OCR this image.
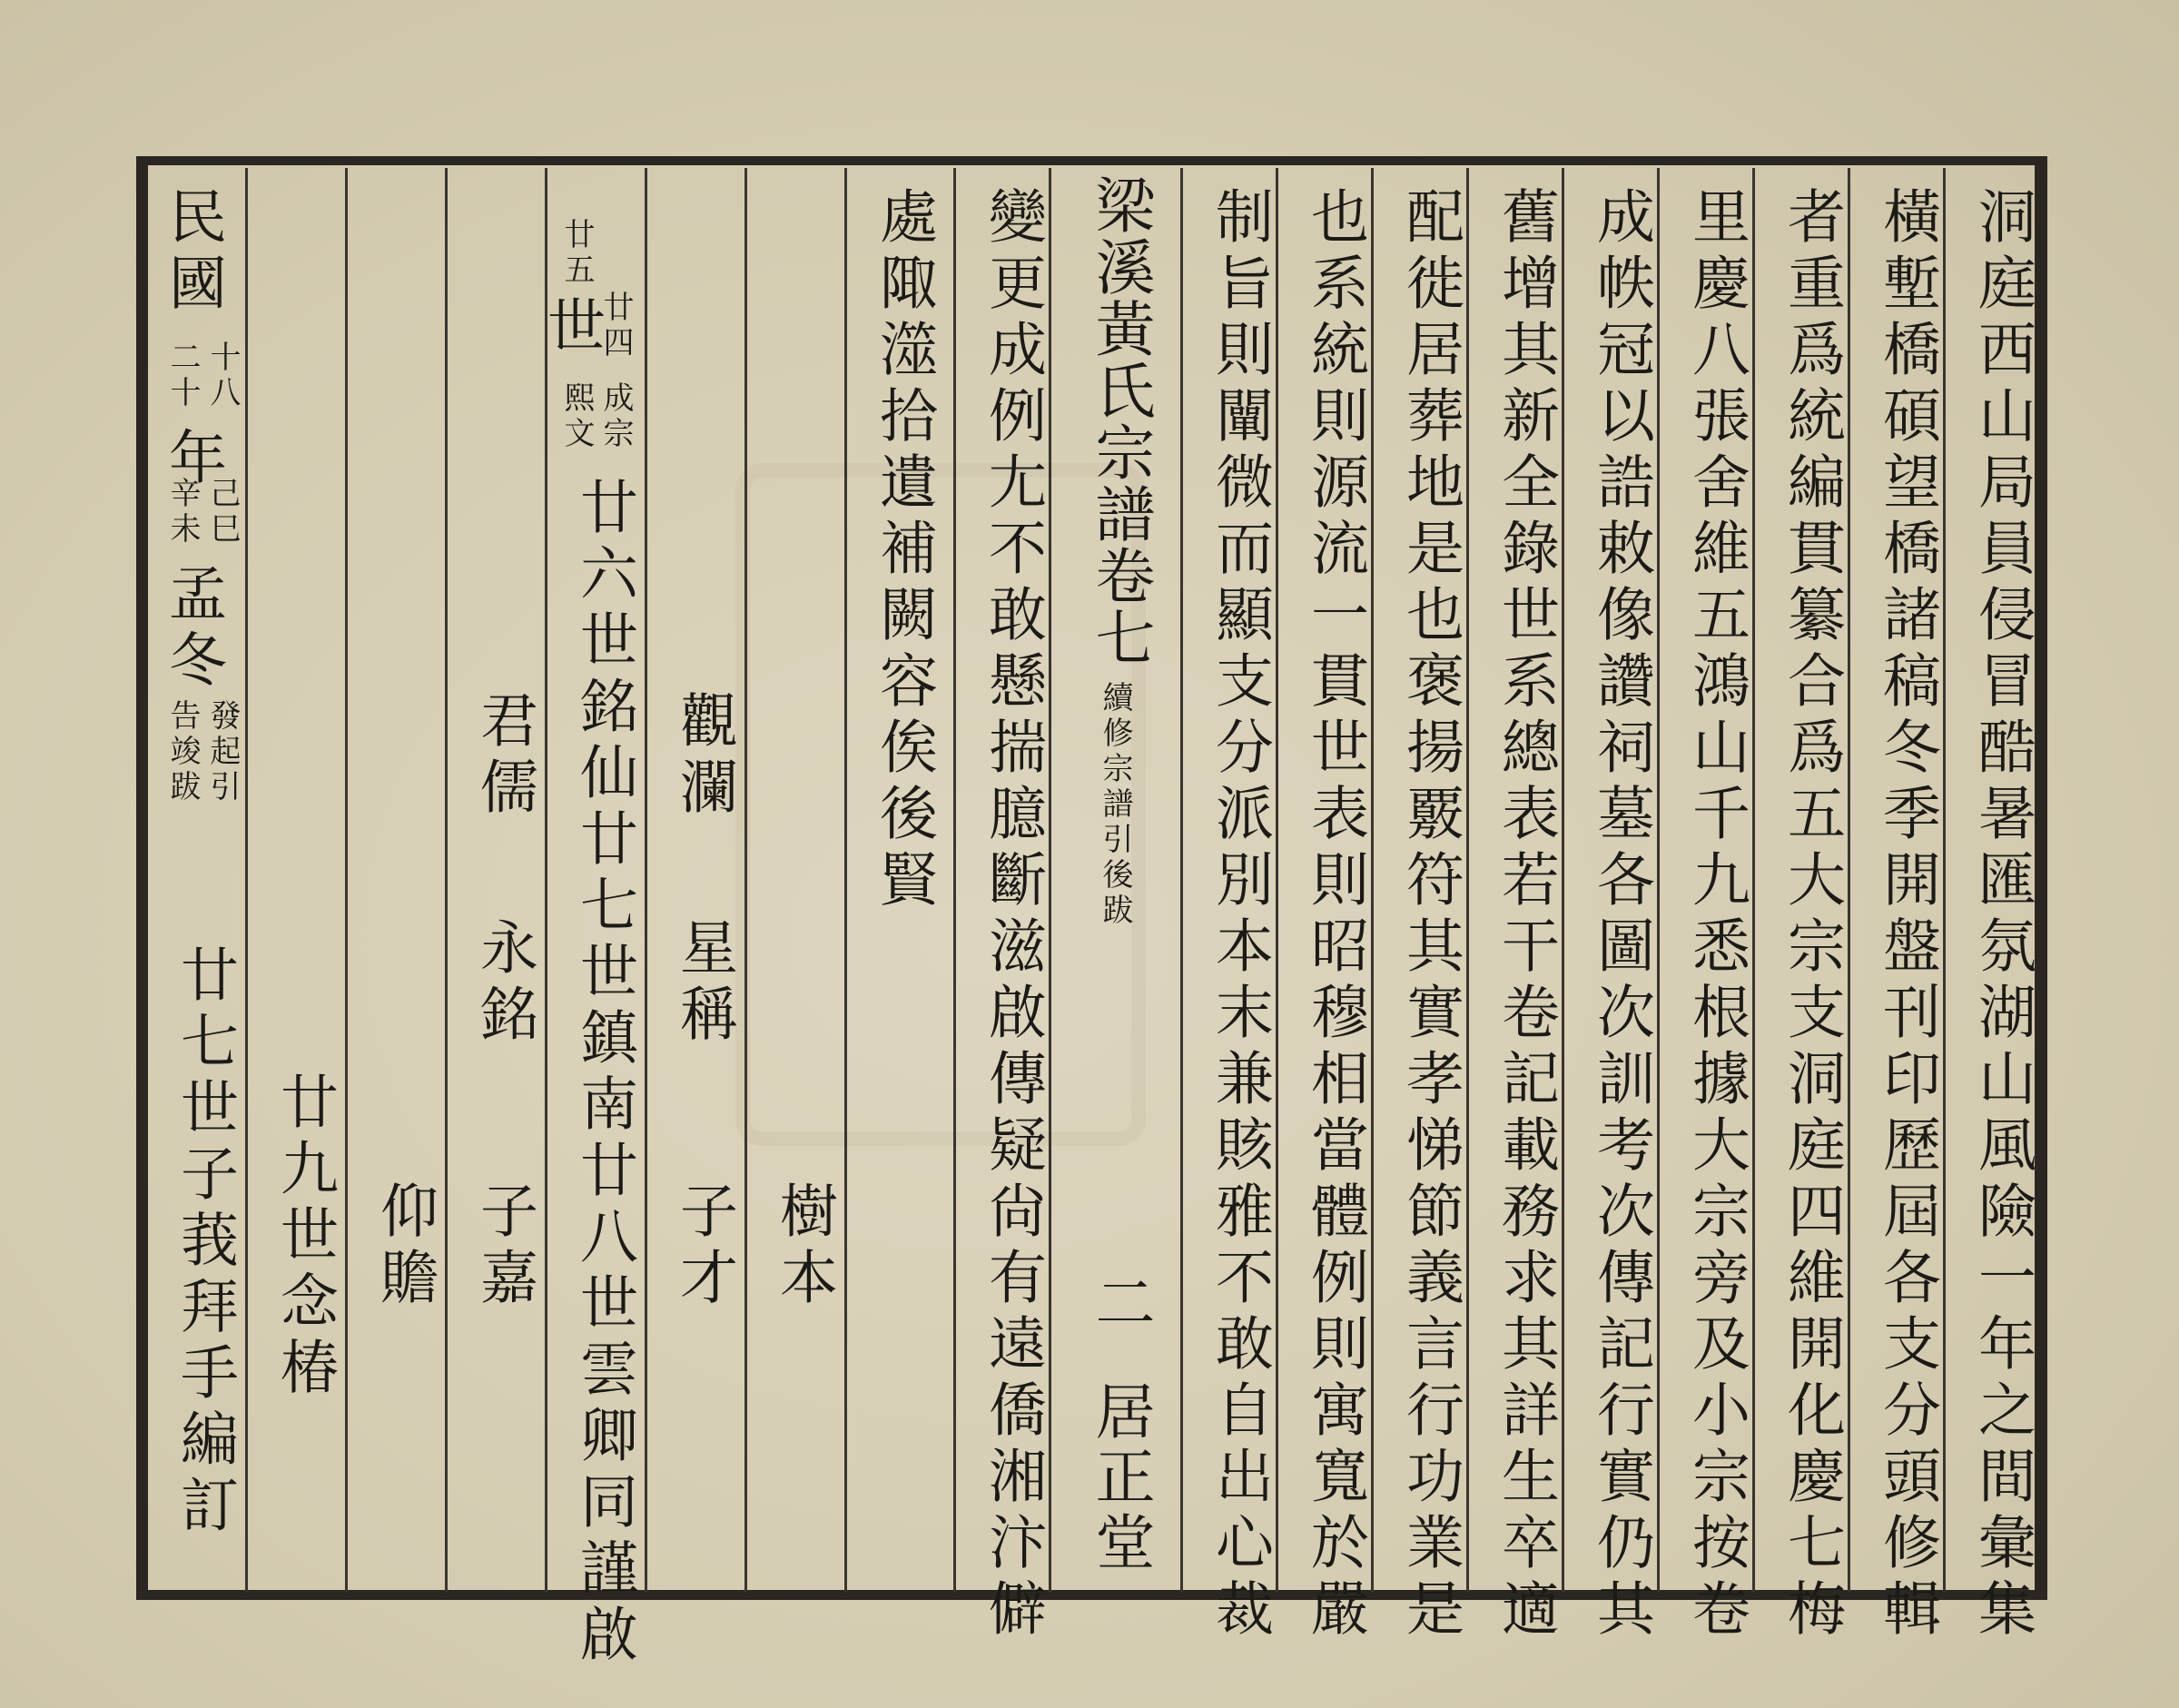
洞庭西山局員侵冒酷暑匯氛湖山風險一年之間彙集
橫塹橋碩望橋諸稿冬季開盤刊印歷屆各支分頭修輯
者重爲統編貫纂合爲五大宗支洞庭四維開化慶七梅
里慶八張舍維五鴻山千九悉根據大宗旁及小宗按卷
成帙冠以誥敕像讚祠墓各圖次訓考次傳記行實仍其
舊增其新全錄世系總表若干卷記載務求其詳生卒適
配徙居葬地是也褒揚覈符其實孝悌節義言行功業是
也系統則源流一貫世表則昭穆相當體例則寓寬於嚴
制旨則闡微而顯支分派別本末兼賅雅不敢自出心裁
梁溪黃氏宗譜卷七
續修宗譜引後跋
二
居正堂
變更成例尢不敢懸揣臆斷滋啟傳疑尙有遠僑湘汴僻
處陬澨拾遺補闕容俟後賢
樹本
觀瀾
星稱
子才
君儒
永銘
子嘉
廿四
廿五
世
成宗
熙文
廿六世銘仙廿七世鎮南廿八世雲卿同謹啟
仰贍
廿九世念椿
民國
十八
二十
年
己巳
辛未
孟冬
發起引
告竣跋
廿七世子莪拜手編訂
